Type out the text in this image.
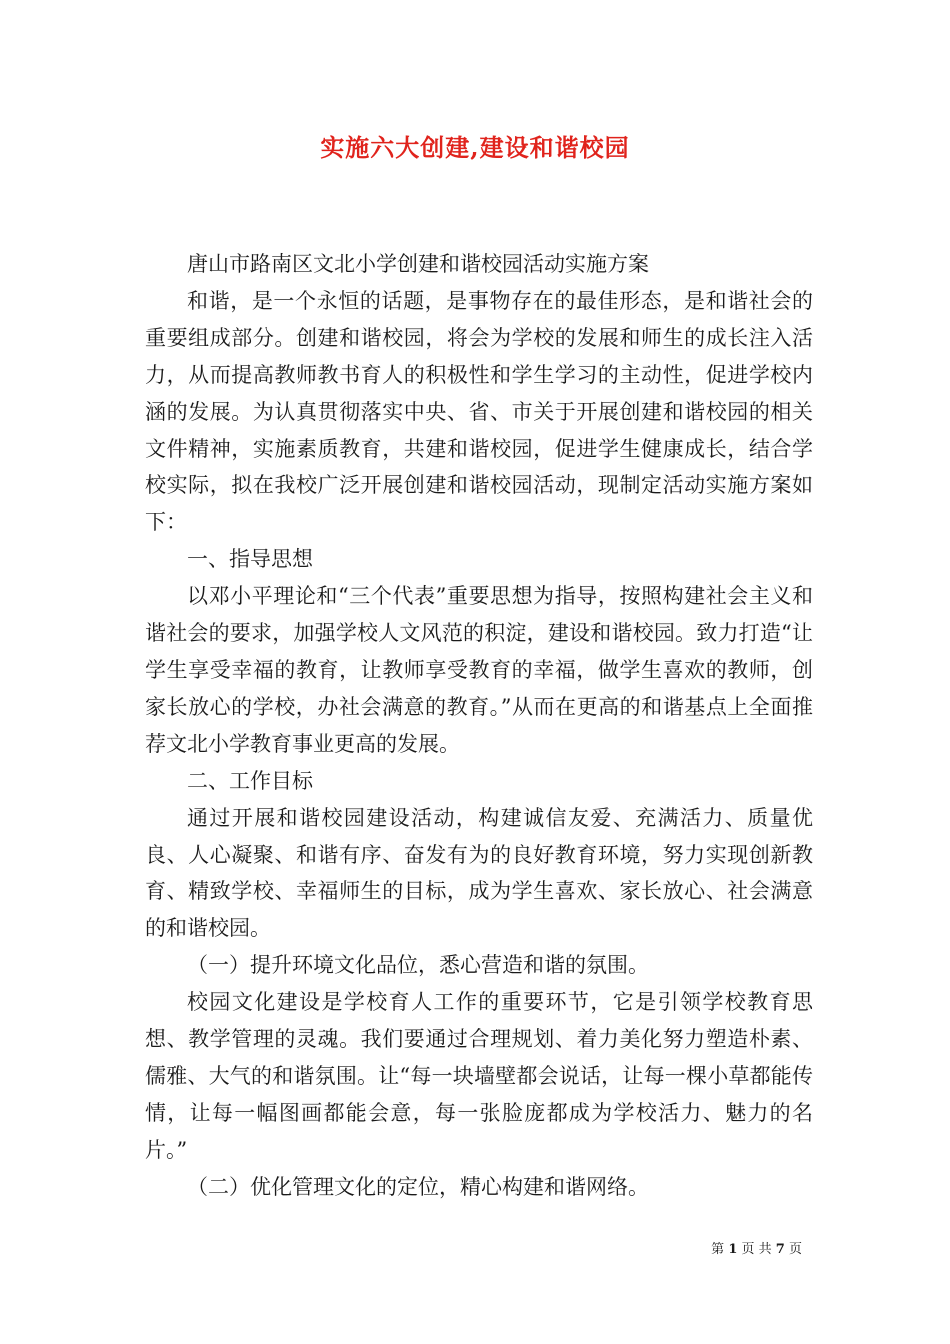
实施六大创建,建设和谐校园

唐山市路南区文北小学创建和谐校园活动实施方案

和谐，是一个永恒的话题，是事物存在的最佳形态，是和谐社会的重要组成部分。创建和谐校园，将会为学校的发展和师生的成长注入活力，从而提高教师教书育人的积极性和学生学习的主动性，促进学校内涵的发展。为认真贯彻落实中央、省、市关于开展创建和谐校园的相关文件精神，实施素质教育，共建和谐校园，促进学生健康成长，结合学校实际，拟在我校广泛开展创建和谐校园活动，现制定活动实施方案如下：

一、指导思想

以邓小平理论和“三个代表”重要思想为指导，按照构建社会主义和谐社会的要求，加强学校人文风范的积淀，建设和谐校园。致力打造“让学生享受幸福的教育，让教师享受教育的幸福，做学生喜欢的教师，创家长放心的学校，办社会满意的教育。”从而在更高的和谐基点上全面推荐文北小学教育事业更高的发展。

二、工作目标

通过开展和谐校园建设活动，构建诚信友爱、充满活力、质量优良、人心凝聚、和谐有序、奋发有为的良好教育环境，努力实现创新教育、精致学校、幸福师生的目标，成为学生喜欢、家长放心、社会满意的和谐校园。

（一）提升环境文化品位，悉心营造和谐的氛围。

校园文化建设是学校育人工作的重要环节，它是引领学校教育思想、教学管理的灵魂。我们要通过合理规划、着力美化努力塑造朴素、儒雅、大气的和谐氛围。让“每一块墙壁都会说话，让每一棵小草都能传情，让每一幅图画都能会意，每一张脸庞都成为学校活力、魅力的名片。”

（二）优化管理文化的定位，精心构建和谐网络。

第 1 页 共 7 页
